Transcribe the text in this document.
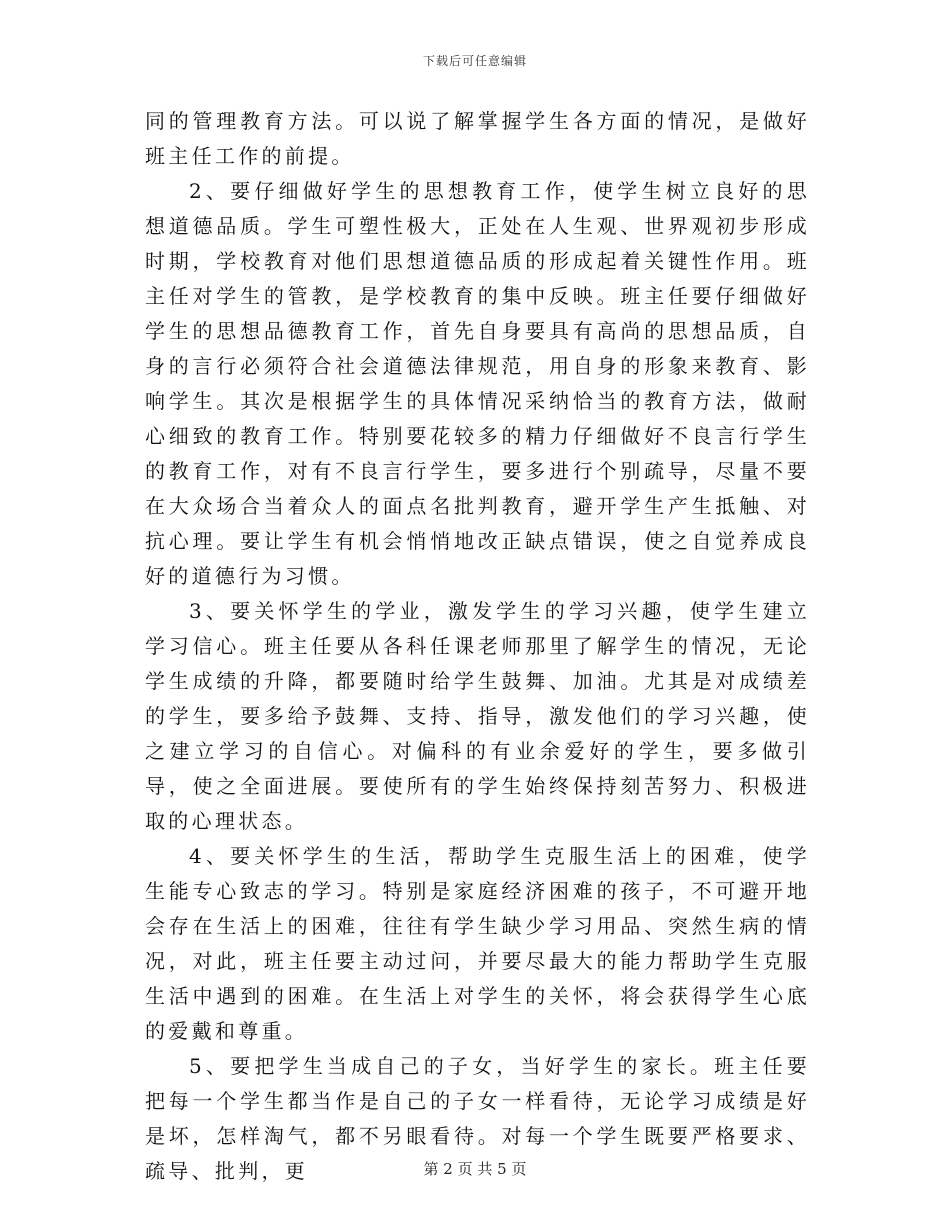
下载后可任意编辑

同的管理教育方法。可以说了解掌握学生各方面的情况，是做好班主任工作的前提。

2、要仔细做好学生的思想教育工作，使学生树立良好的思想道德品质。学生可塑性极大，正处在人生观、世界观初步形成时期，学校教育对他们思想道德品质的形成起着关键性作用。班主任对学生的管教，是学校教育的集中反映。班主任要仔细做好学生的思想品德教育工作，首先自身要具有高尚的思想品质，自身的言行必须符合社会道德法律规范，用自身的形象来教育、影响学生。其次是根据学生的具体情况采纳恰当的教育方法，做耐心细致的教育工作。特别要花较多的精力仔细做好不良言行学生的教育工作，对有不良言行学生，要多进行个别疏导，尽量不要在大众场合当着众人的面点名批判教育，避开学生产生抵触、对抗心理。要让学生有机会悄悄地改正缺点错误，使之自觉养成良好的道德行为习惯。

3、要关怀学生的学业，激发学生的学习兴趣，使学生建立学习信心。班主任要从各科任课老师那里了解学生的情况，无论学生成绩的升降，都要随时给学生鼓舞、加油。尤其是对成绩差的学生，要多给予鼓舞、支持、指导，激发他们的学习兴趣，使之建立学习的自信心。对偏科的有业余爱好的学生，要多做引导，使之全面进展。要使所有的学生始终保持刻苦努力、积极进取的心理状态。

4、要关怀学生的生活，帮助学生克服生活上的困难，使学生能专心致志的学习。特别是家庭经济困难的孩子，不可避开地会存在生活上的困难，往往有学生缺少学习用品、突然生病的情况，对此，班主任要主动过问，并要尽最大的能力帮助学生克服生活中遇到的困难。在生活上对学生的关怀，将会获得学生心底的爱戴和尊重。

5、要把学生当成自己的子女，当好学生的家长。班主任要把每一个学生都当作是自己的子女一样看待，无论学习成绩是好是坏，怎样淘气，都不另眼看待。对每一个学生既要严格要求、疏导、批判，更	第 2 页 共 5 页
